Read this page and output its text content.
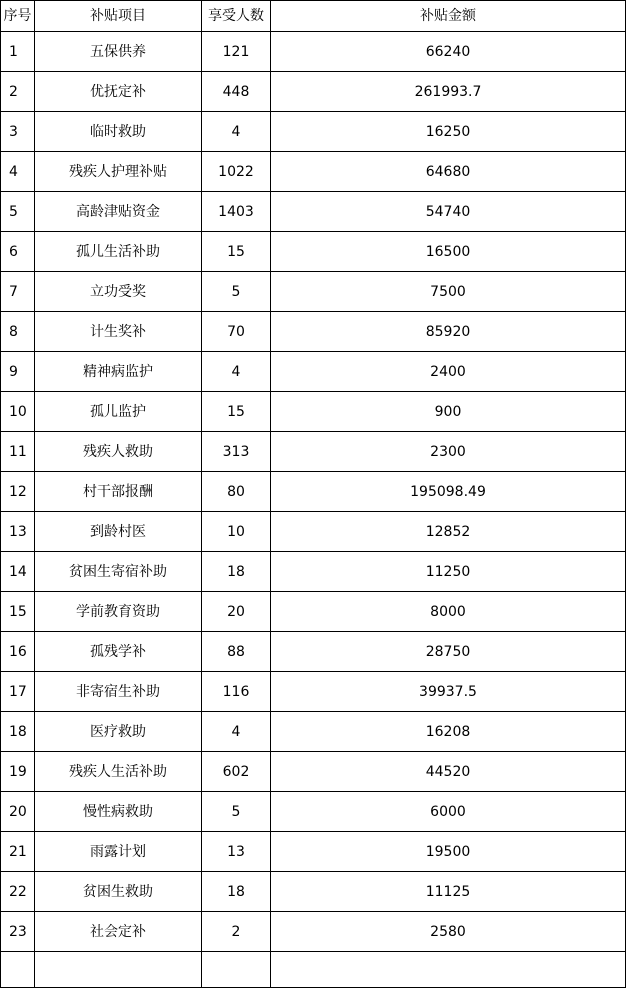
序号	补贴项目	享受人数	补贴金额
1	五保供养	121	66240
2	优抚定补	448	261993.7
3	临时救助	4	16250
4	残疾人护理补贴	1022	64680
5	高龄津贴资金	1403	54740
6	孤儿生活补助	15	16500
7	立功受奖	5	7500
8	计生奖补	70	85920
9	精神病监护	4	2400
10	孤儿监护	15	900
11	残疾人救助	313	2300
12	村干部报酬	80	195098.49
13	到龄村医	10	12852
14	贫困生寄宿补助	18	11250
15	学前教育资助	20	8000
16	孤残学补	88	28750
17	非寄宿生补助	116	39937.5
18	医疗救助	4	16208
19	残疾人生活补助	602	44520
20	慢性病救助	5	6000
21	雨露计划	13	19500
22	贫困生救助	18	11125
23	社会定补	2	2580
